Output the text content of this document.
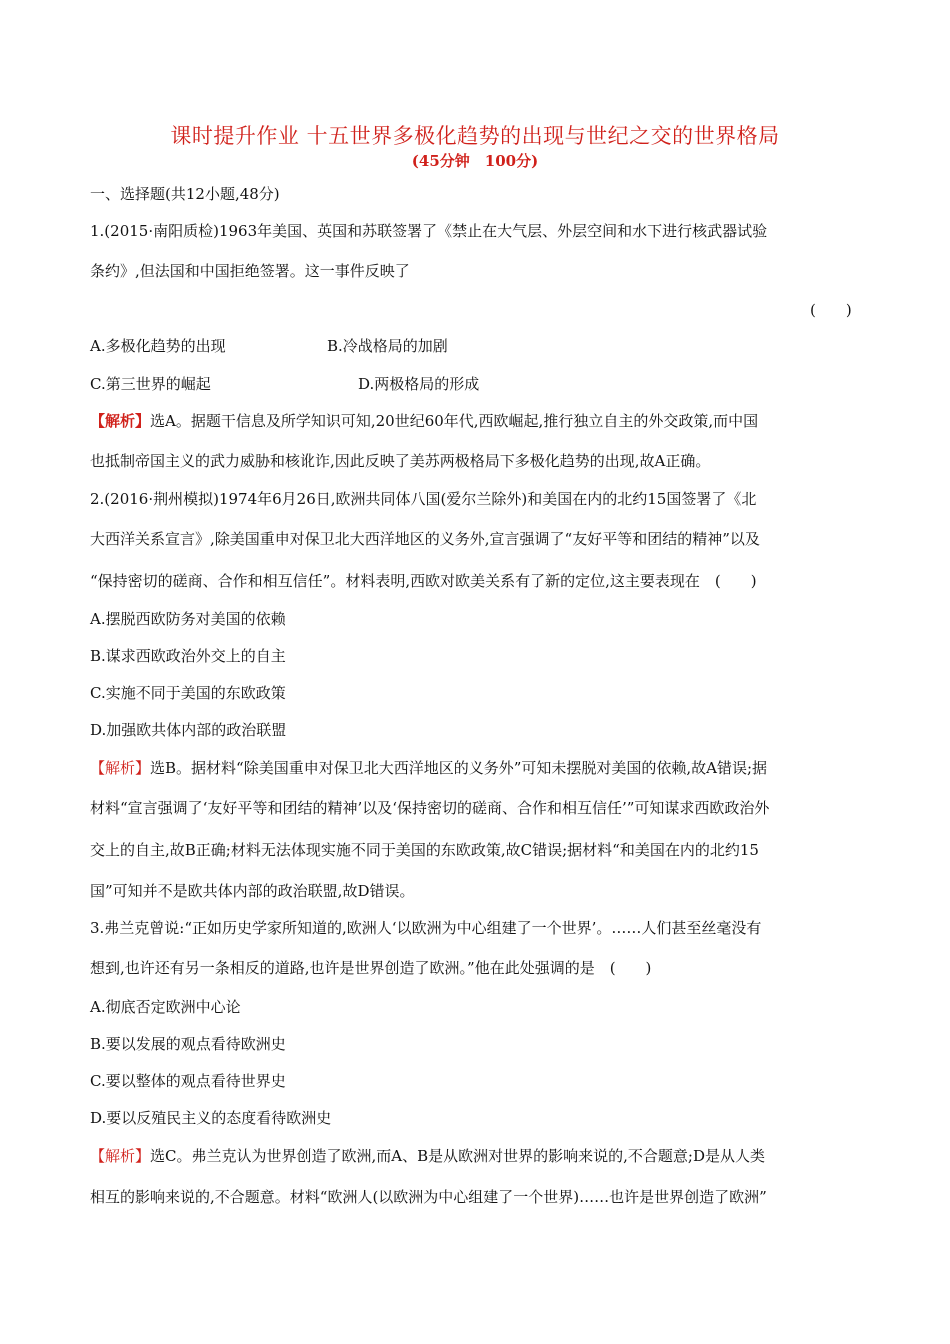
课时提升作业 十五世界多极化趋势的出现与世纪之交的世界格局
(45分钟　100分)
一、选择题(共12小题,48分)
1.(2015·南阳质检)1963年美国、英国和苏联签署了《禁止在大气层、外层空间和水下进行核武器试验
条约》,但法国和中国拒绝签署。这一事件反映了
(　　)
A.多极化趋势的出现	B.冷战格局的加剧
C.第三世界的崛起	D.两极格局的形成
【解析】选A。据题干信息及所学知识可知,20世纪60年代,西欧崛起,推行独立自主的外交政策,而中国
也抵制帝国主义的武力威胁和核讹诈,因此反映了美苏两极格局下多极化趋势的出现,故A正确。
2.(2016·荆州模拟)1974年6月26日,欧洲共同体八国(爱尔兰除外)和美国在内的北约15国签署了《北
大西洋关系宣言》,除美国重申对保卫北大西洋地区的义务外,宣言强调了“友好平等和团结的精神”以及
“保持密切的磋商、合作和相互信任”。材料表明,西欧对欧美关系有了新的定位,这主要表现在　(　　)
A.摆脱西欧防务对美国的依赖
B.谋求西欧政治外交上的自主
C.实施不同于美国的东欧政策
D.加强欧共体内部的政治联盟
【解析】选B。据材料“除美国重申对保卫北大西洋地区的义务外”可知未摆脱对美国的依赖,故A错误;据
材料“宣言强调了‘友好平等和团结的精神’以及‘保持密切的磋商、合作和相互信任’”可知谋求西欧政治外
交上的自主,故B正确;材料无法体现实施不同于美国的东欧政策,故C错误;据材料“和美国在内的北约15
国”可知并不是欧共体内部的政治联盟,故D错误。
3.弗兰克曾说:“正如历史学家所知道的,欧洲人‘以欧洲为中心组建了一个世界’。……人们甚至丝毫没有
想到,也许还有另一条相反的道路,也许是世界创造了欧洲。”他在此处强调的是　(　　)
A.彻底否定欧洲中心论
B.要以发展的观点看待欧洲史
C.要以整体的观点看待世界史
D.要以反殖民主义的态度看待欧洲史
【解析】选C。弗兰克认为世界创造了欧洲,而A、B是从欧洲对世界的影响来说的,不合题意;D是从人类
相互的影响来说的,不合题意。材料“欧洲人(以欧洲为中心组建了一个世界)……也许是世界创造了欧洲”
